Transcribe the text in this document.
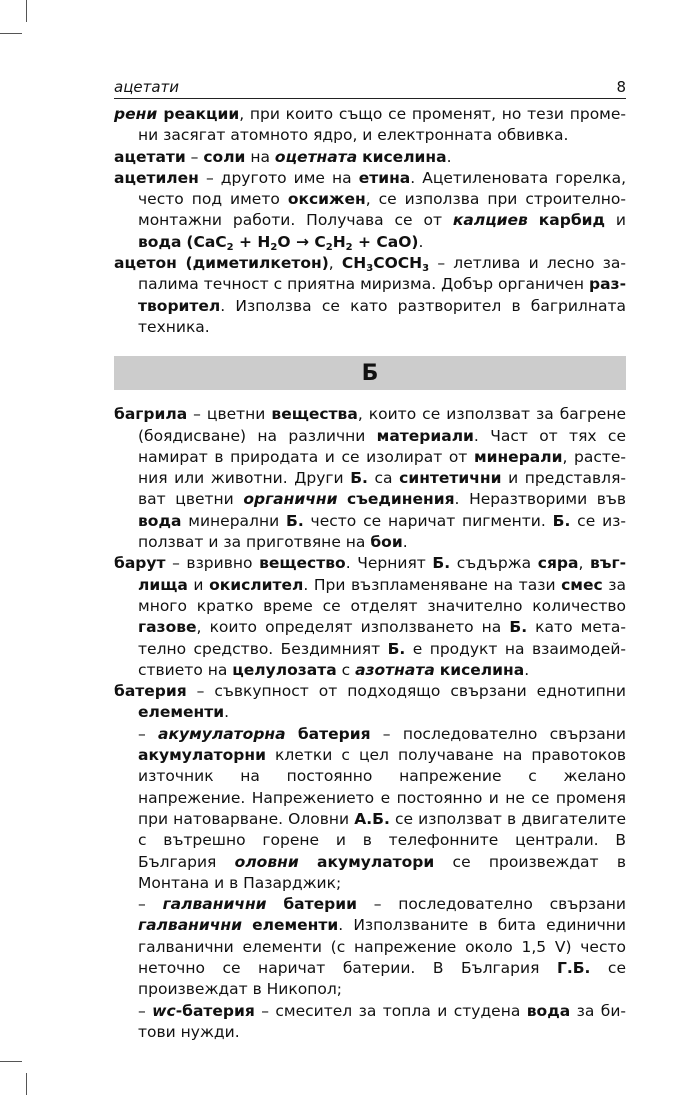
ацетати	8

рени реакции, при които също се променят, но тези промени засягат атомното ядро, и електронната обвивка.

ацетати – соли на оцетната киселина.

ацетилен – другото име на етина. Ацетиленовата горелка, често под името оксижен, се използва при строително-монтажни работи. Получава се от калциев карбид и вода $(CaC_2 + H_2O \to C_2H_2 + CaO)$.

ацетон (диметилкетон), $CH_3COCH_3$ – летлива и лесно запалима течност с приятна миризма. Добър органичен разтворител. Използва се като разтворител в багрилната техника.

Б

багрила – цветни вещества, които се използват за багрене (боядисване) на различни материали. Част от тях се намират в природата и се изолират от минерали, растения или животни. Други Б. са синтетични и представляват цветни органични съединения. Неразтворими във вода минерални Б. често се наричат пигменти. Б. се използват и за приготвяне на бои.

барут – взривно вещество. Черният Б. съдържа сяра, въглища и окислител. При възпламеняване на тази смес за много кратко време се отделят значително количество газове, които определят използването на Б. като метателно средство. Бездимният Б. е продукт на взаимодействието на целулозата с азотната киселина.

батерия – съвкупност от подходящо свързани еднотипни елементи.

– акумулаторна батерия – последователно свързани акумулаторни клетки с цел получаване на правотоков източник на постоянно напрежение с желано напрежение. Напрежението е постоянно и не се променя при натоварване. Оловни А.Б. се използват в двигателите с вътрешно горене и в телефонните централи. В България оловни акумулатори се произвеждат в Монтана и в Пазарджик;

– галванични батерии – последователно свързани галванични елементи. Използваните в бита единични галванични елементи (с напрежение около 1,5 V) често неточно се наричат батерии. В България Г.Б. се произвеждат в Никопол;

– wc-батерия – смесител за топла и студена вода за битови нужди.
